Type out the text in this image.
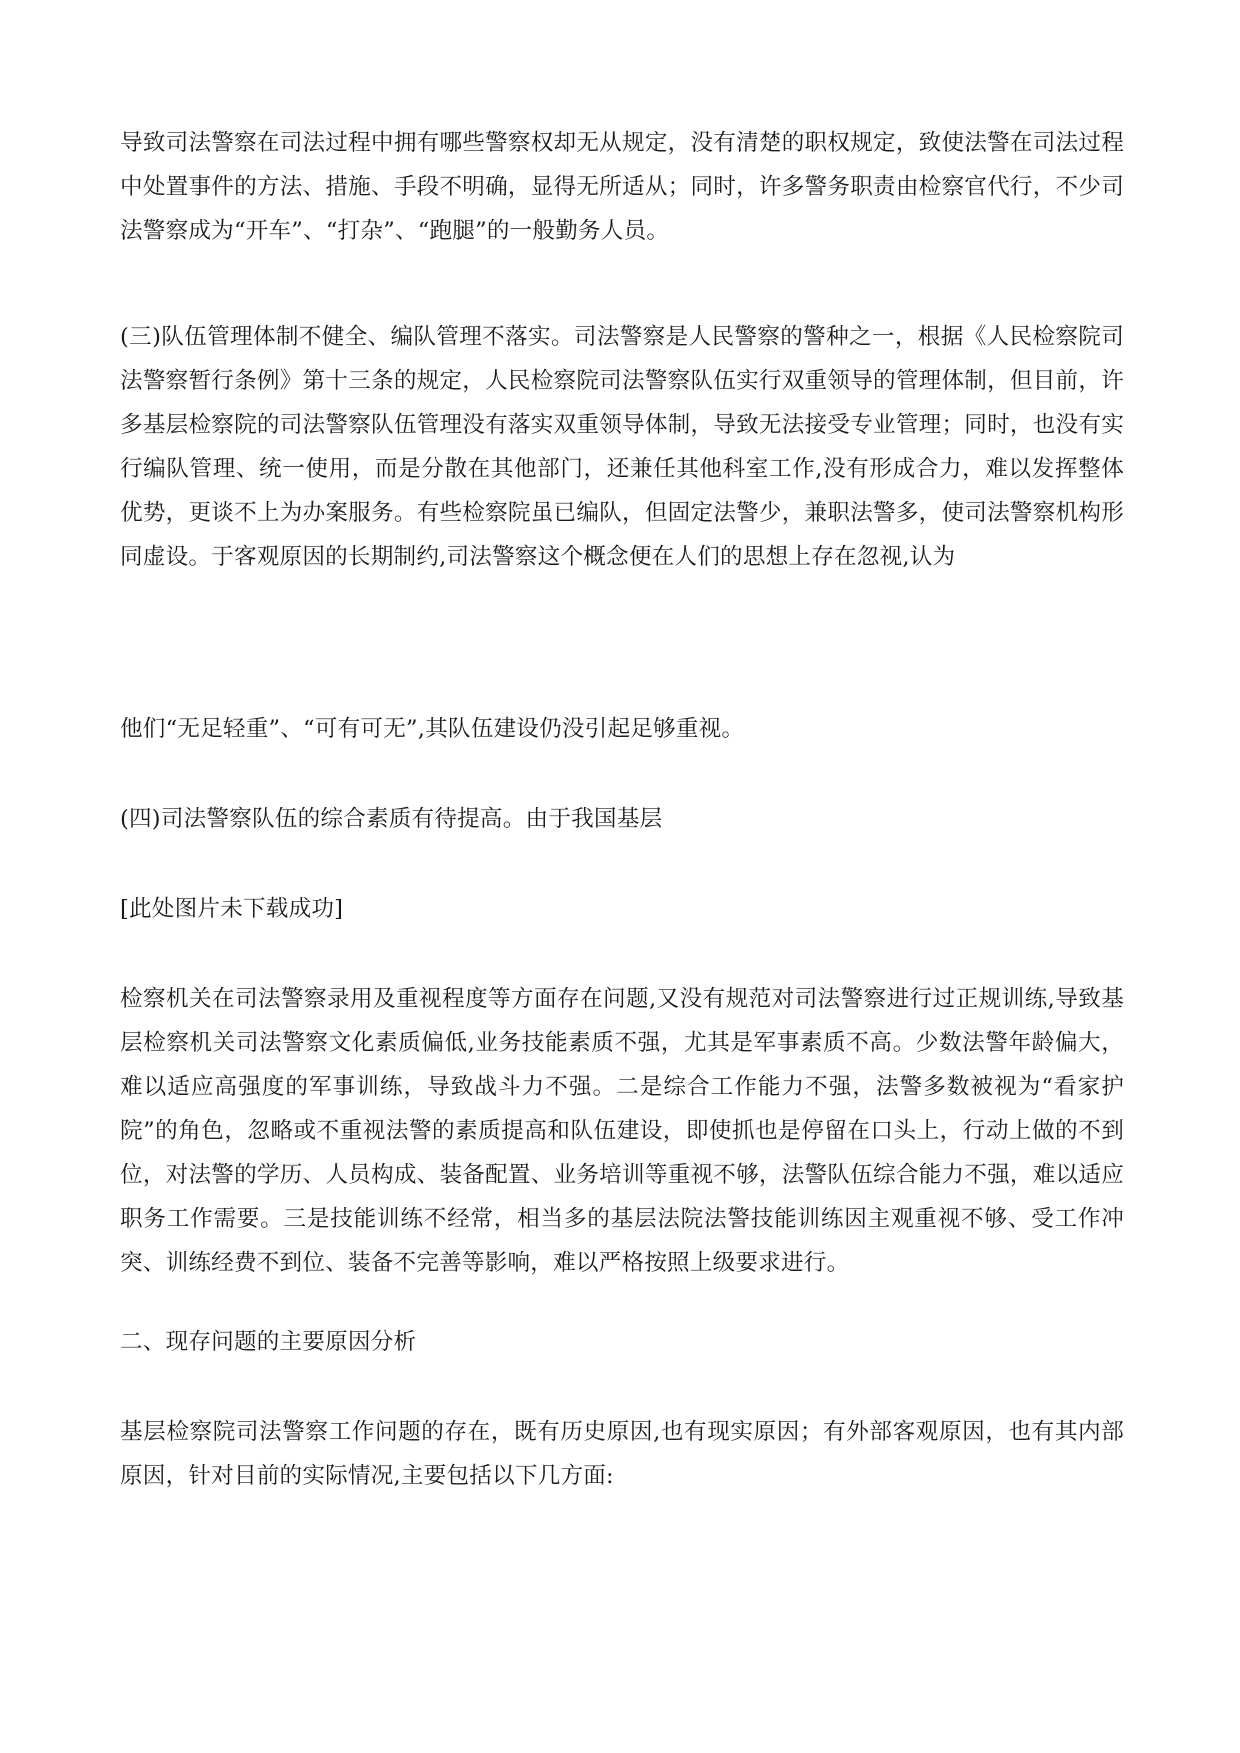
导致司法警察在司法过程中拥有哪些警察权却无从规定，没有清楚的职权规定，致使法警在司法过程中处置事件的方法、措施、手段不明确，显得无所适从；同时，许多警务职责由检察官代行，不少司法警察成为“开车”、“打杂”、“跑腿”的一般勤务人员。

(三)队伍管理体制不健全、编队管理不落实。司法警察是人民警察的警种之一，根据《人民检察院司法警察暂行条例》第十三条的规定，人民检察院司法警察队伍实行双重领导的管理体制，但目前，许多基层检察院的司法警察队伍管理没有落实双重领导体制，导致无法接受专业管理；同时，也没有实行编队管理、统一使用，而是分散在其他部门，还兼任其他科室工作,没有形成合力，难以发挥整体优势，更谈不上为办案服务。有些检察院虽已编队，但固定法警少，兼职法警多，使司法警察机构形同虚设。于客观原因的长期制约,司法警察这个概念便在人们的思想上存在忽视,认为

他们“无足轻重”、“可有可无”,其队伍建设仍没引起足够重视。

(四)司法警察队伍的综合素质有待提高。由于我国基层

[此处图片未下载成功]

检察机关在司法警察录用及重视程度等方面存在问题,又没有规范对司法警察进行过正规训练,导致基层检察机关司法警察文化素质偏低,业务技能素质不强，尤其是军事素质不高。少数法警年龄偏大，难以适应高强度的军事训练，导致战斗力不强。二是综合工作能力不强，法警多数被视为“看家护院”的角色，忽略或不重视法警的素质提高和队伍建设，即使抓也是停留在口头上，行动上做的不到位，对法警的学历、人员构成、装备配置、业务培训等重视不够，法警队伍综合能力不强，难以适应职务工作需要。三是技能训练不经常，相当多的基层法院法警技能训练因主观重视不够、受工作冲突、训练经费不到位、装备不完善等影响，难以严格按照上级要求进行。

二、现存问题的主要原因分析

基层检察院司法警察工作问题的存在，既有历史原因,也有现实原因；有外部客观原因，也有其内部原因，针对目前的实际情况,主要包括以下几方面:
